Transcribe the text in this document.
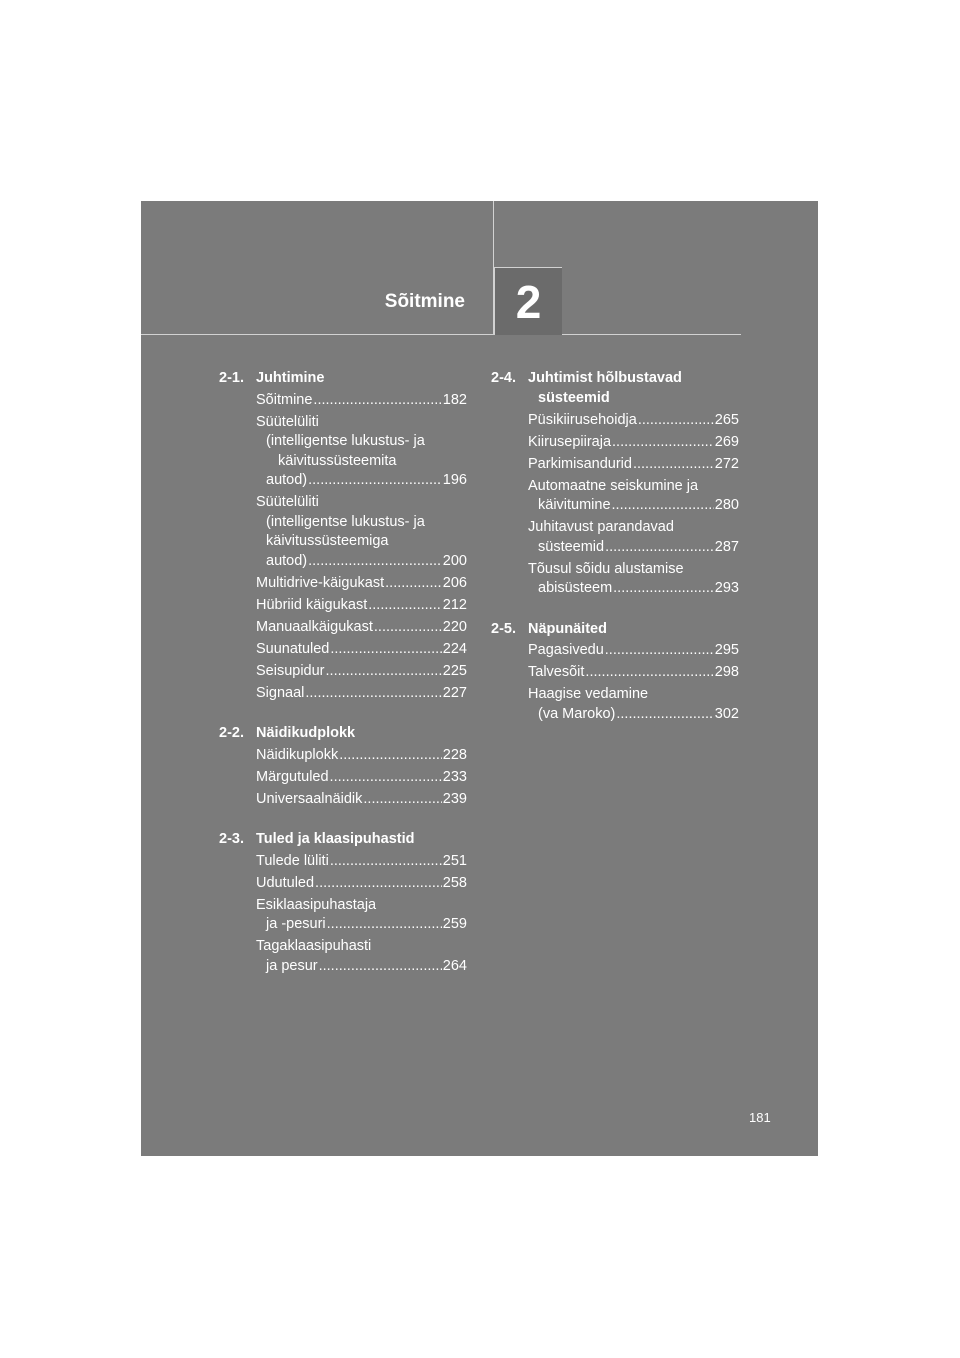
Sõitmine	2
2-1. Juhtimine
Sõitmine .....	182
Süütelüliti
(intelligentse lukustus- ja
käivitussüsteemita
autod) .....	196
Süütelüliti
(intelligentse lukustus- ja
käivitussüsteemiga
autod) .....	200
Multidrive-käigukast .....	206
Hübriid käigukast .....	212
Manuaalkäigukast .....	220
Suunatuled .....	224
Seisupidur .....	225
Signaal .....	227
2-2. Näidikudplokk
Näidikuplokk .....	228
Märgutuled .....	233
Universaalnäidik .....	239
2-3. Tuled ja klaasipuhastid
Tulede lüliti .....	251
Udutuled .....	258
Esiklaasipuhastaja
ja -pesuri .....	259
Tagaklaasipuhasti
ja pesur .....	264
2-4. Juhtimist hõlbustavad
süsteemid
Püsikiirusehoidja .....	265
Kiirusepiiraja .....	269
Parkimisandurid .....	272
Automaatne seiskumine ja
käivitumine .....	280
Juhitavust parandavad
süsteemid .....	287
Tõusul sõidu alustamise
abisüsteem .....	293
2-5. Näpunäited
Pagasivedu .....	295
Talvesõit .....	298
Haagise vedamine
(va Maroko) .....	302
181
